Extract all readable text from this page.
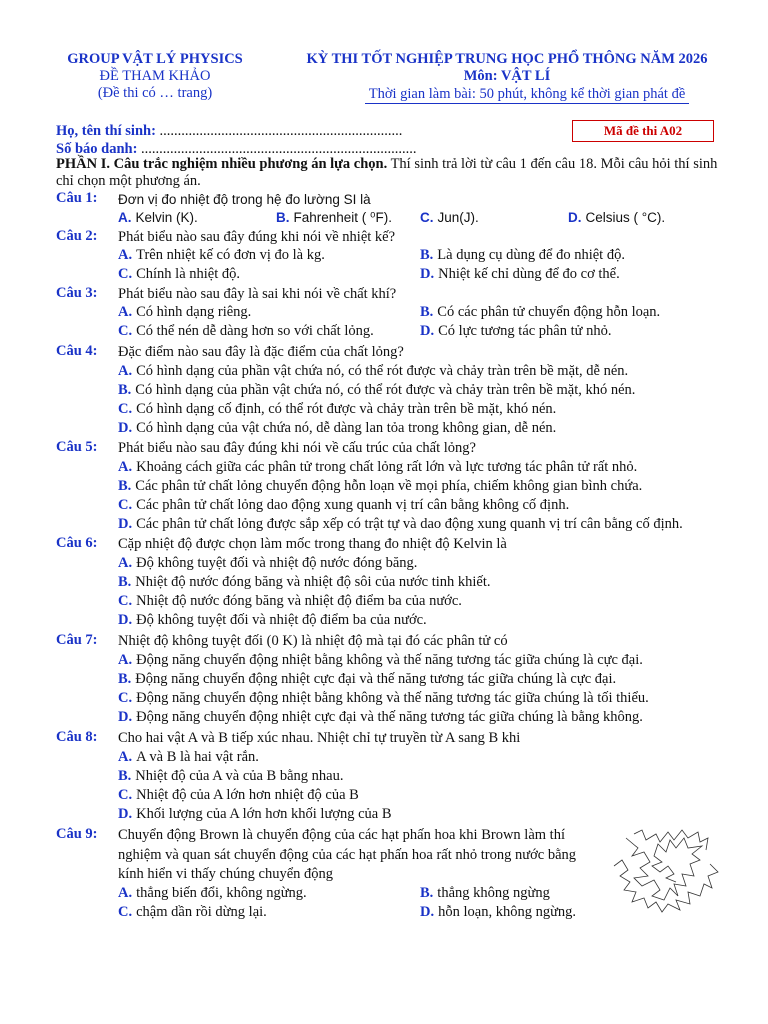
GROUP VẬT LÝ PHYSICS
ĐỀ THAM KHẢO
(Đề thi có … trang)
KỲ THI TỐT NGHIỆP TRUNG HỌC PHỔ THÔNG NĂM 2026
Môn: VẬT LÍ
Thời gian làm bài: 50 phút, không kể thời gian phát đề
Họ, tên thí sinh: ...................................................................
Số báo danh: ............................................................................
Mã đề thi A02
PHẦN I. Câu trắc nghiệm nhiều phương án lựa chọn. Thí sinh trả lời từ câu 1 đến câu 18. Mỗi câu hỏi thí sinh chỉ chọn một phương án.
Câu 1: Đơn vị đo nhiệt độ trong hệ đo lường SI là
A. Kelvin (K).	B. Fahrenheit ( ⁰F). C. Jun(J).	D. Celsius ( °C).
Câu 2: Phát biểu nào sau đây đúng khi nói về nhiệt kế?
A. Trên nhiệt kế có đơn vị đo là kg.	B. Là dụng cụ dùng để đo nhiệt độ.
C. Chính là nhiệt độ.	D. Nhiệt kế chỉ dùng để đo cơ thể.
Câu 3: Phát biểu nào sau đây là sai khi nói về chất khí?
A. Có hình dạng riêng.	B. Có các phân tử chuyển động hỗn loạn.
C. Có thể nén dễ dàng hơn so với chất lỏng.	D. Có lực tương tác phân tử nhỏ.
Câu 4: Đặc điểm nào sau đây là đặc điểm của chất lỏng?
A. Có hình dạng của phần vật chứa nó, có thể rót được và chảy tràn trên bề mặt, dễ nén.
B. Có hình dạng của phần vật chứa nó, có thể rót được và chảy tràn trên bề mặt, khó nén.
C. Có hình dạng cố định, có thể rót được và chảy tràn trên bề mặt, khó nén.
D. Có hình dạng của vật chứa nó, dễ dàng lan tỏa trong không gian, dễ nén.
Câu 5: Phát biểu nào sau đây đúng khi nói về cấu trúc của chất lỏng?
A. Khoảng cách giữa các phân tử trong chất lỏng rất lớn và lực tương tác phân tử rất nhỏ.
B. Các phân tử chất lỏng chuyển động hỗn loạn về mọi phía, chiếm không gian bình chứa.
C. Các phân tử chất lỏng dao động xung quanh vị trí cân bằng không cố định.
D. Các phân tử chất lỏng được sắp xếp có trật tự và dao động xung quanh vị trí cân bằng cố định.
Câu 6: Cặp nhiệt độ được chọn làm mốc trong thang đo nhiệt độ Kelvin là
A. Độ không tuyệt đối và nhiệt độ nước đóng băng.
B. Nhiệt độ nước đóng băng và nhiệt độ sôi của nước tinh khiết.
C. Nhiệt độ nước đóng băng và nhiệt độ điểm ba của nước.
D. Độ không tuyệt đối và nhiệt độ điểm ba của nước.
Câu 7: Nhiệt độ không tuyệt đối (0 K) là nhiệt độ mà tại đó các phân tử có
A. Động năng chuyển động nhiệt bằng không và thế năng tương tác giữa chúng là cực đại.
B. Động năng chuyển động nhiệt cực đại và thế năng tương tác giữa chúng là cực đại.
C. Động năng chuyển động nhiệt bằng không và thế năng tương tác giữa chúng là tối thiểu.
D. Động năng chuyển động nhiệt cực đại và thế năng tương tác giữa chúng là bằng không.
Câu 8: Cho hai vật A và B tiếp xúc nhau. Nhiệt chỉ tự truyền từ A sang B khi
A. A và B là hai vật rắn.
B. Nhiệt độ của A và của B bằng nhau.
C. Nhiệt độ của A lớn hơn nhiệt độ của B
D. Khối lượng của A lớn hơn khối lượng của B
Câu 9: Chuyển động Brown là chuyển động của các hạt phấn hoa khi Brown làm thí nghiệm và quan sát chuyển động của các hạt phấn hoa rất nhỏ trong nước bằng kính hiển vi thấy chúng chuyển động
A. thẳng biến đổi, không ngừng.	B. thẳng không ngừng
C. chậm dần rồi dừng lại.	D. hỗn loạn, không ngừng.
